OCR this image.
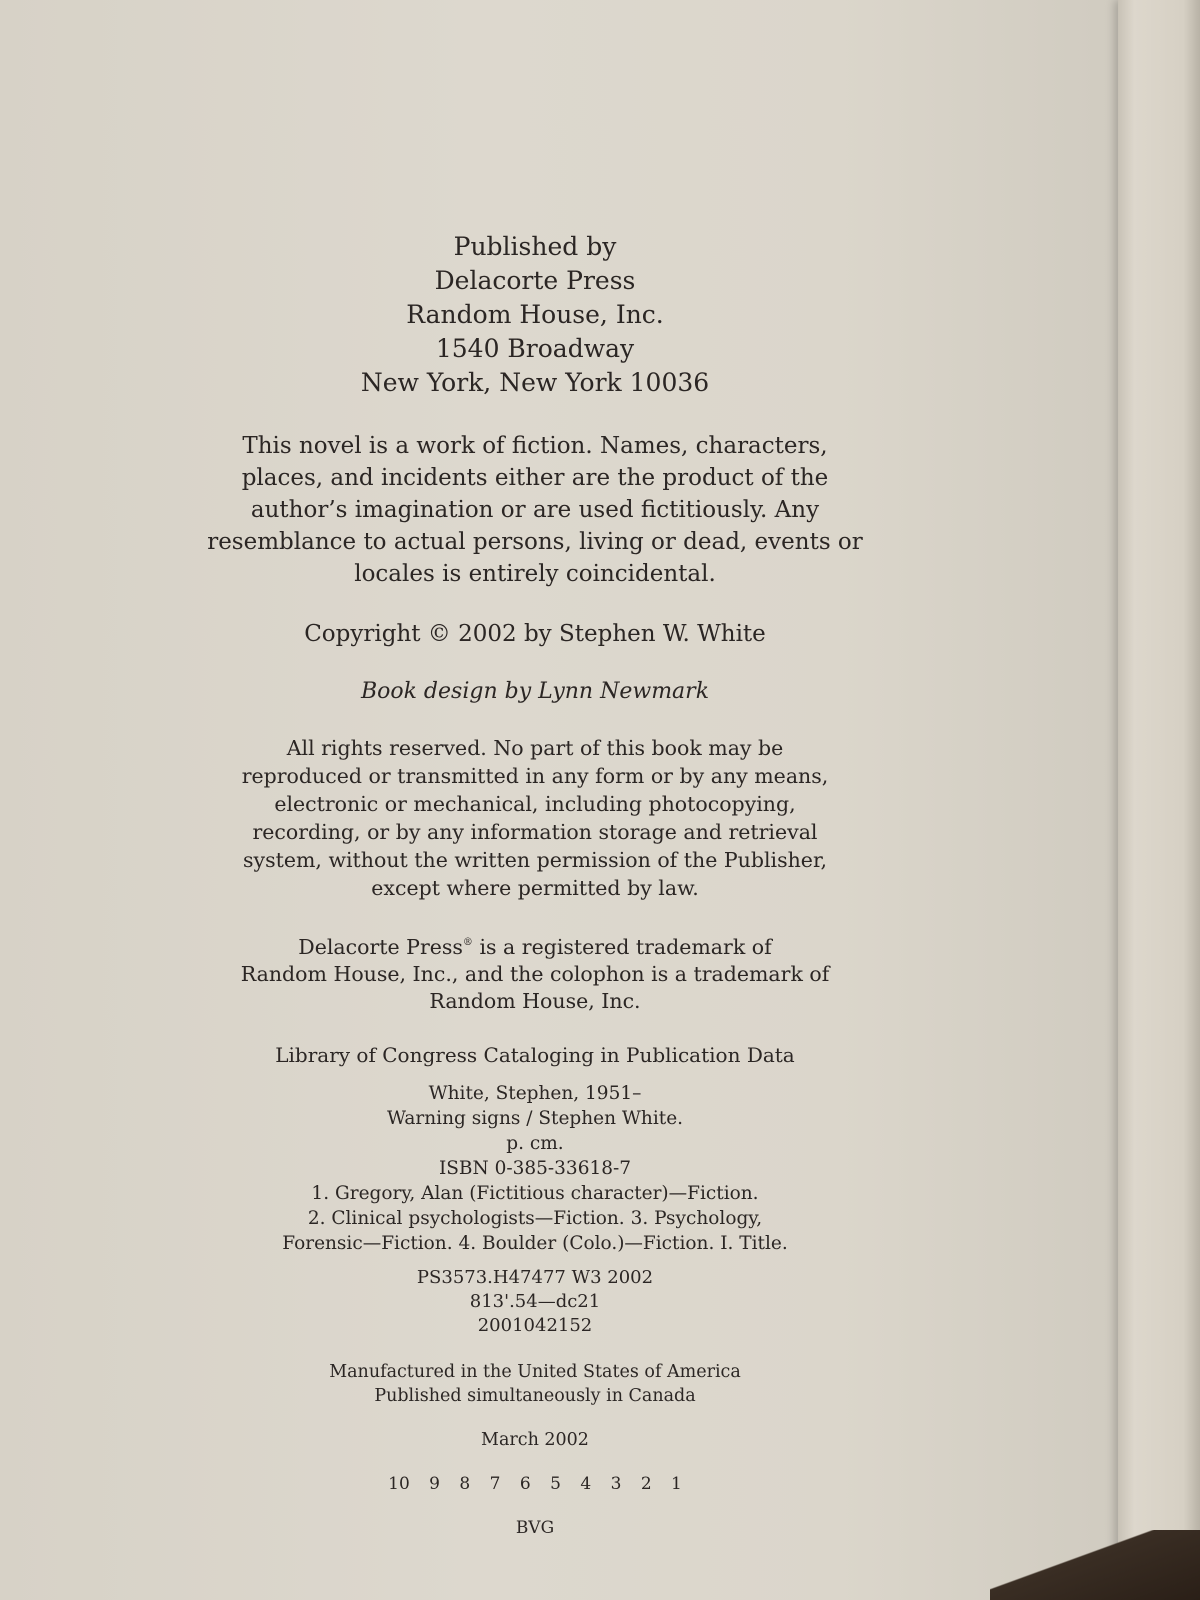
Published by
Delacorte Press
Random House, Inc.
1540 Broadway
New York, New York 10036
This novel is a work of fiction. Names, characters,
places, and incidents either are the product of the
author’s imagination or are used fictitiously. Any
resemblance to actual persons, living or dead, events or
locales is entirely coincidental.
Copyright © 2002 by Stephen W. White
Book design by Lynn Newmark
All rights reserved. No part of this book may be
reproduced or transmitted in any form or by any means,
electronic or mechanical, including photocopying,
recording, or by any information storage and retrieval
system, without the written permission of the Publisher,
except where permitted by law.
Delacorte Press® is a registered trademark of
Random House, Inc., and the colophon is a trademark of
Random House, Inc.
Library of Congress Cataloging in Publication Data
White, Stephen, 1951–
Warning signs / Stephen White.
p. cm.
ISBN 0-385-33618-7
1. Gregory, Alan (Fictitious character)—Fiction.
2. Clinical psychologists—Fiction. 3. Psychology,
Forensic—Fiction. 4. Boulder (Colo.)—Fiction. I. Title.
PS3573.H47477 W3 2002
813'.54—dc21
2001042152
Manufactured in the United States of America
Published simultaneously in Canada
March 2002
10 9 8 7 6 5 4 3 2 1
BVG
